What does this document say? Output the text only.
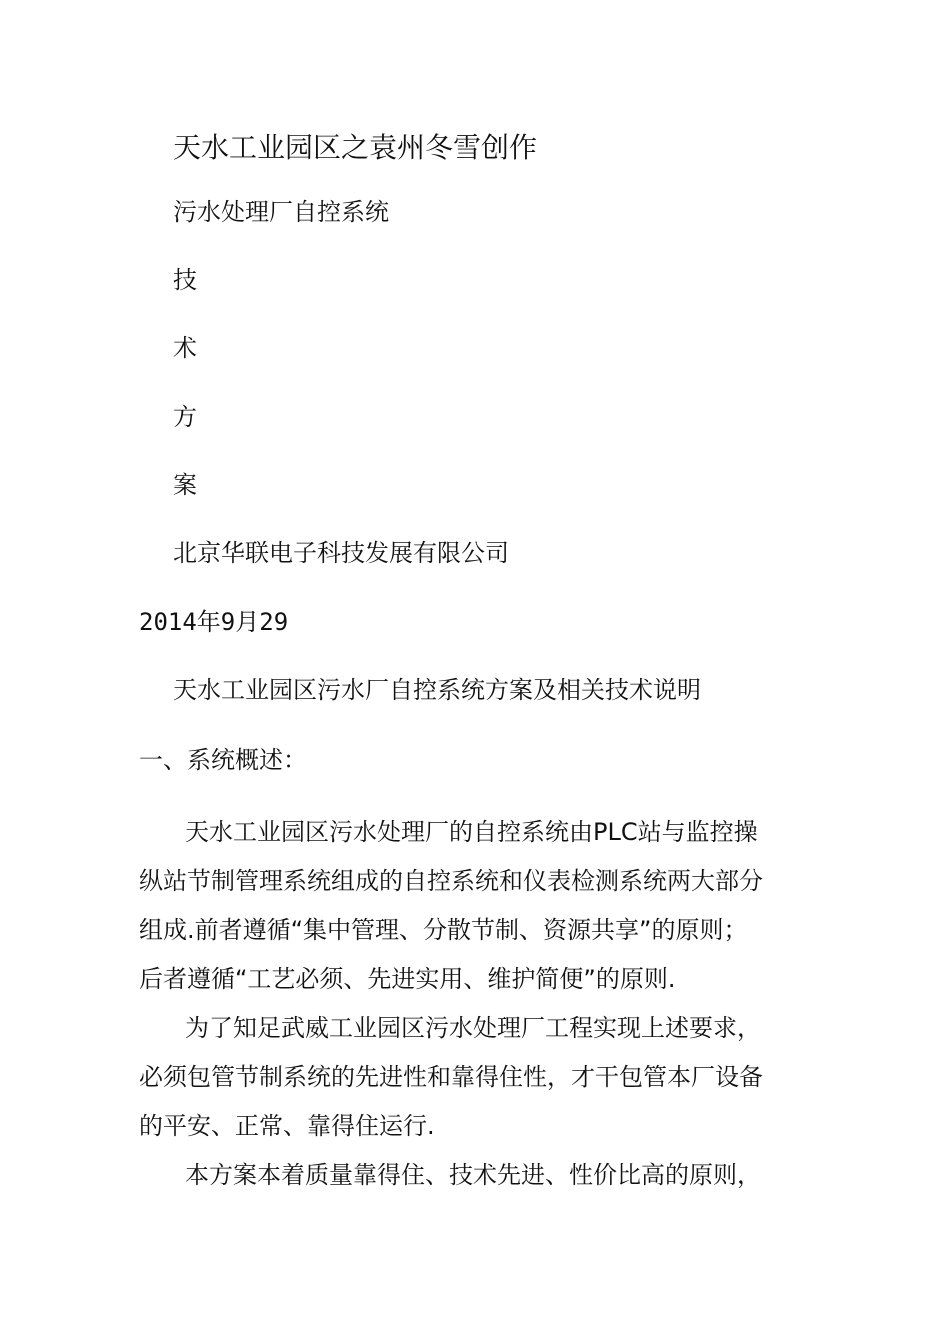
天水工业园区之袁州冬雪创作
污水处理厂自控系统
技
术
方
案
北京华联电子科技发展有限公司
2014年9月29
天水工业园区污水厂自控系统方案及相关技术说明
一、系统概述：
天水工业园区污水处理厂的自控系统由PLC站与监控操
纵站节制管理系统组成的自控系统和仪表检测系统两大部分
组成.前者遵循“集中管理、分散节制、资源共享”的原则；
后者遵循“工艺必须、先进实用、维护简便”的原则.
为了知足武威工业园区污水处理厂工程实现上述要求，
必须包管节制系统的先进性和靠得住性，才干包管本厂设备
的平安、正常、靠得住运行.
本方案本着质量靠得住、技术先进、性价比高的原则，
